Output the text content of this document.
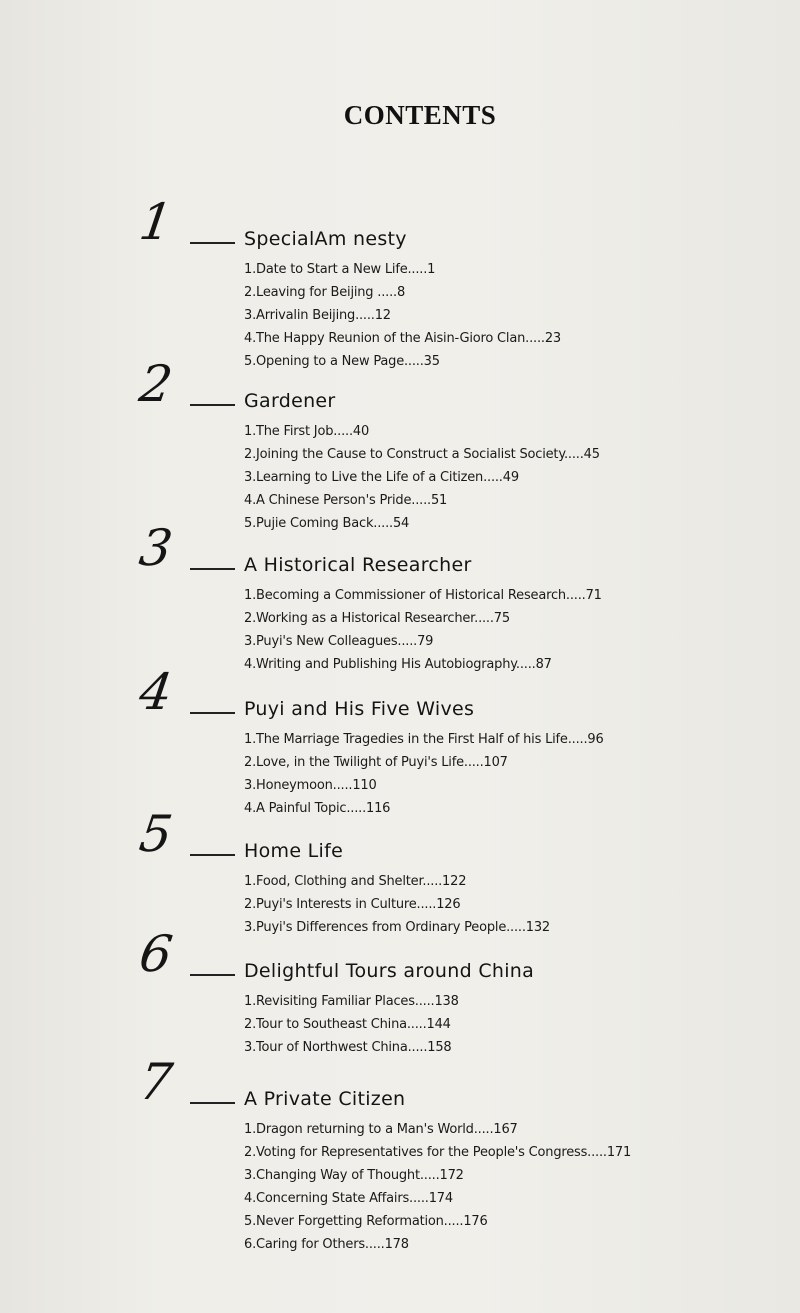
CONTENTS
1	SpecialAm nesty
1.Date to Start a New Life.....1
2.Leaving for Beijing .....8
3.Arrivalin Beijing.....12
4.The Happy Reunion of the Aisin-Gioro Clan.....23
5.Opening to a New Page.....35
2	Gardener
1.The First Job.....40
2.Joining the Cause to Construct a Socialist Society.....45
3.Learning to Live the Life of a Citizen.....49
4.A Chinese Person's Pride.....51
5.Pujie Coming Back.....54
3	A Historical Researcher
1.Becoming a Commissioner of Historical Research.....71
2.Working as a Historical Researcher.....75
3.Puyi's New Colleagues.....79
4.Writing and Publishing His Autobiography.....87
4	Puyi and His Five Wives
1.The Marriage Tragedies in the First Half of his Life.....96
2.Love, in the Twilight of Puyi's Life.....107
3.Honeymoon.....110
4.A Painful Topic.....116
5	Home Life
1.Food, Clothing and Shelter.....122
2.Puyi's Interests in Culture.....126
3.Puyi's Differences from Ordinary People.....132
6	Delightful Tours around China
1.Revisiting Familiar Places.....138
2.Tour to Southeast China.....144
3.Tour of Northwest China.....158
7	A Private Citizen
1.Dragon returning to a Man's World.....167
2.Voting for Representatives for the People's Congress.....171
3.Changing Way of Thought.....172
4.Concerning State Affairs.....174
5.Never Forgetting Reformation.....176
6.Caring for Others.....178
